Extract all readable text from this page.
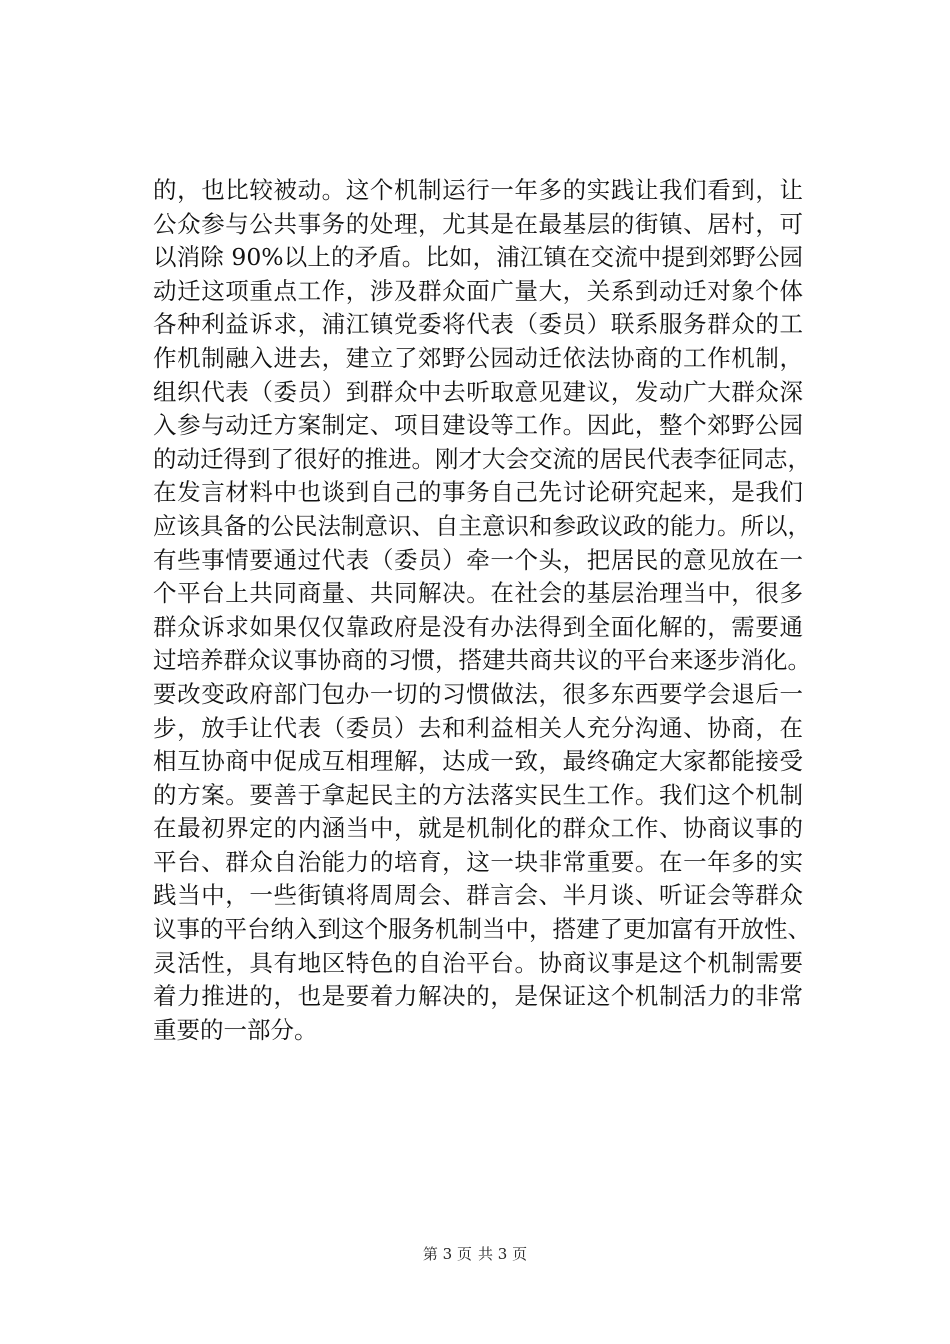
的，也比较被动。这个机制运行一年多的实践让我们看到，让
公众参与公共事务的处理，尤其是在最基层的街镇、居村，可
以消除 90%以上的矛盾。比如，浦江镇在交流中提到郊野公园
动迁这项重点工作，涉及群众面广量大，关系到动迁对象个体
各种利益诉求，浦江镇党委将代表（委员）联系服务群众的工
作机制融入进去，建立了郊野公园动迁依法协商的工作机制，
组织代表（委员）到群众中去听取意见建议，发动广大群众深
入参与动迁方案制定、项目建设等工作。因此，整个郊野公园
的动迁得到了很好的推进。刚才大会交流的居民代表李征同志，
在发言材料中也谈到自己的事务自己先讨论研究起来，是我们
应该具备的公民法制意识、自主意识和参政议政的能力。所以，
有些事情要通过代表（委员）牵一个头，把居民的意见放在一
个平台上共同商量、共同解决。在社会的基层治理当中，很多
群众诉求如果仅仅靠政府是没有办法得到全面化解的，需要通
过培养群众议事协商的习惯，搭建共商共议的平台来逐步消化。
要改变政府部门包办一切的习惯做法，很多东西要学会退后一
步，放手让代表（委员）去和利益相关人充分沟通、协商，在
相互协商中促成互相理解，达成一致，最终确定大家都能接受
的方案。要善于拿起民主的方法落实民生工作。我们这个机制
在最初界定的内涵当中，就是机制化的群众工作、协商议事的
平台、群众自治能力的培育，这一块非常重要。在一年多的实
践当中，一些街镇将周周会、群言会、半月谈、听证会等群众
议事的平台纳入到这个服务机制当中，搭建了更加富有开放性、
灵活性，具有地区特色的自治平台。协商议事是这个机制需要
着力推进的，也是要着力解决的，是保证这个机制活力的非常
重要的一部分。
第 3 页 共 3 页
